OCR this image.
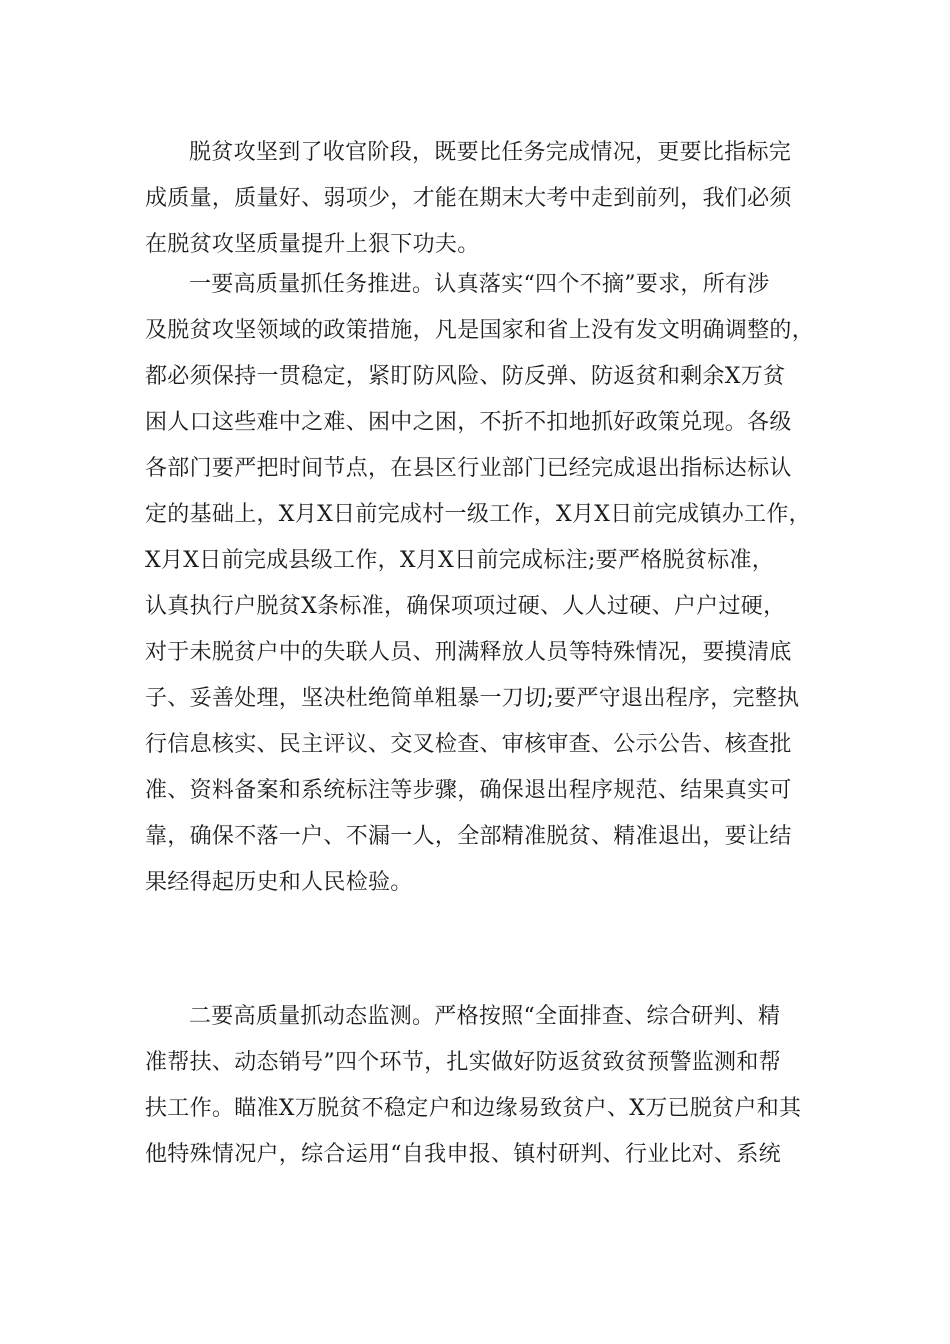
脱贫攻坚到了收官阶段，既要比任务完成情况，更要比指标完
成质量，质量好、弱项少，才能在期末大考中走到前列，我们必须
在脱贫攻坚质量提升上狠下功夫。
一要高质量抓任务推进。认真落实“四个不摘”要求，所有涉
及脱贫攻坚领域的政策措施，凡是国家和省上没有发文明确调整的，
都必须保持一贯稳定，紧盯防风险、防反弹、防返贫和剩余X万贫
困人口这些难中之难、困中之困，不折不扣地抓好政策兑现。各级
各部门要严把时间节点，在县区行业部门已经完成退出指标达标认
定的基础上，X月X日前完成村一级工作，X月X日前完成镇办工作，
X月X日前完成县级工作，X月X日前完成标注;要严格脱贫标准，
认真执行户脱贫X条标准，确保项项过硬、人人过硬、户户过硬，
对于未脱贫户中的失联人员、刑满释放人员等特殊情况，要摸清底
子、妥善处理，坚决杜绝简单粗暴一刀切;要严守退出程序，完整执
行信息核实、民主评议、交叉检查、审核审查、公示公告、核查批
准、资料备案和系统标注等步骤，确保退出程序规范、结果真实可
靠，确保不落一户、不漏一人，全部精准脱贫、精准退出，要让结
果经得起历史和人民检验。
二要高质量抓动态监测。严格按照“全面排查、综合研判、精
准帮扶、动态销号”四个环节，扎实做好防返贫致贫预警监测和帮
扶工作。瞄准X万脱贫不稳定户和边缘易致贫户、X万已脱贫户和其
他特殊情况户，综合运用“自我申报、镇村研判、行业比对、系统
